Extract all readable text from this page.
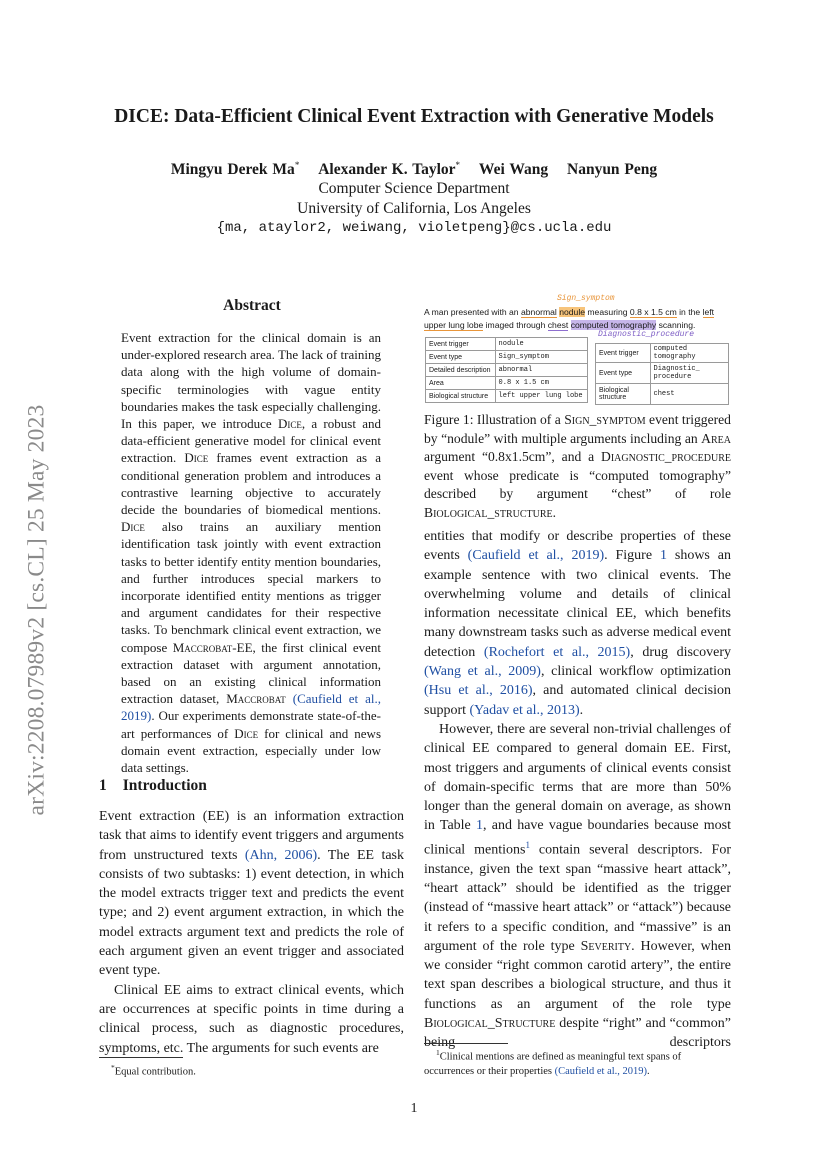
arXiv:2208.07989v2 [cs.CL] 25 May 2023
DICE: Data-Efficient Clinical Event Extraction with Generative Models
Mingyu Derek Ma* Alexander K. Taylor* Wei Wang Nanyun Peng
Computer Science Department
University of California, Los Angeles
{ma, ataylor2, weiwang, violetpeng}@cs.ucla.edu
Abstract
Event extraction for the clinical domain is an under-explored research area. The lack of training data along with the high volume of domain-specific terminologies with vague entity boundaries makes the task especially challenging. In this paper, we introduce Dice, a robust and data-efficient generative model for clinical event extraction. Dice frames event extraction as a conditional generation problem and introduces a contrastive learning objective to accurately decide the boundaries of biomedical mentions. Dice also trains an auxiliary mention identification task jointly with event extraction tasks to better identify entity mention boundaries, and further introduces special markers to incorporate identified entity mentions as trigger and argument candidates for their respective tasks. To benchmark clinical event extraction, we compose Maccrobat-EE, the first clinical event extraction dataset with argument annotation, based on an existing clinical information extraction dataset, Maccrobat (Caufield et al., 2019). Our experiments demonstrate state-of-the-art performances of Dice for clinical and news domain event extraction, especially under low data settings.
1 Introduction

Event extraction (EE) is an information extraction task that aims to identify event triggers and arguments from unstructured texts (Ahn, 2006). The EE task consists of two subtasks: 1) event detection, in which the model extracts trigger text and predicts the event type; and 2) event argument extraction, in which the model extracts argument text and predicts the role of each argument given an event trigger and associated event type.

Clinical EE aims to extract clinical events, which are occurrences at specific points in time during a clinical process, such as diagnostic procedures, symptoms, etc. The arguments for such events are

*Equal contribution.
Sign_symptom
A man presented with an abnormal nodule measuring 0.8 x 1.5 cm in the left upper lung lobe imaged through chest computed tomography scanning.
Diagnostic_procedure
Event trigger	nodule
Event type	Sign_symptom
Detailed description	abnormal
Area	0.8 x 1.5 cm
Biological structure	left upper lung lobe
Event trigger	computed tomography
Event type	Diagnostic_ procedure
Biological structure	chest
Figure 1: Illustration of a Sign_symptom event triggered by “nodule” with multiple arguments including an Area argument “0.8x1.5cm”, and a Diagnostic_procedure event whose predicate is “computed tomography” described by argument “chest” of role Biological_structure.

entities that modify or describe properties of these events (Caufield et al., 2019). Figure 1 shows an example sentence with two clinical events. The overwhelming volume and details of clinical information necessitate clinical EE, which benefits many downstream tasks such as adverse medical event detection (Rochefort et al., 2015), drug discovery (Wang et al., 2009), clinical workflow optimization (Hsu et al., 2016), and automated clinical decision support (Yadav et al., 2013).

However, there are several non-trivial challenges of clinical EE compared to general domain EE. First, most triggers and arguments of clinical events consist of domain-specific terms that are more than 50% longer than the general domain on average, as shown in Table 1, and have vague boundaries because most clinical mentions$^1$ contain several descriptors. For instance, given the text span “massive heart attack”, “heart attack” should be identified as the trigger (instead of “massive heart attack” or “attack”) because it refers to a specific condition, and “massive” is an argument of the role type Severity. However, when we consider “right common carotid artery”, the entire text span describes a biological structure, and thus it functions as an argument of the role type Biological_Structure despite “right” and “common” being descriptors

$^1$Clinical mentions are defined as meaningful text spans of occurrences or their properties (Caufield et al., 2019).
1
